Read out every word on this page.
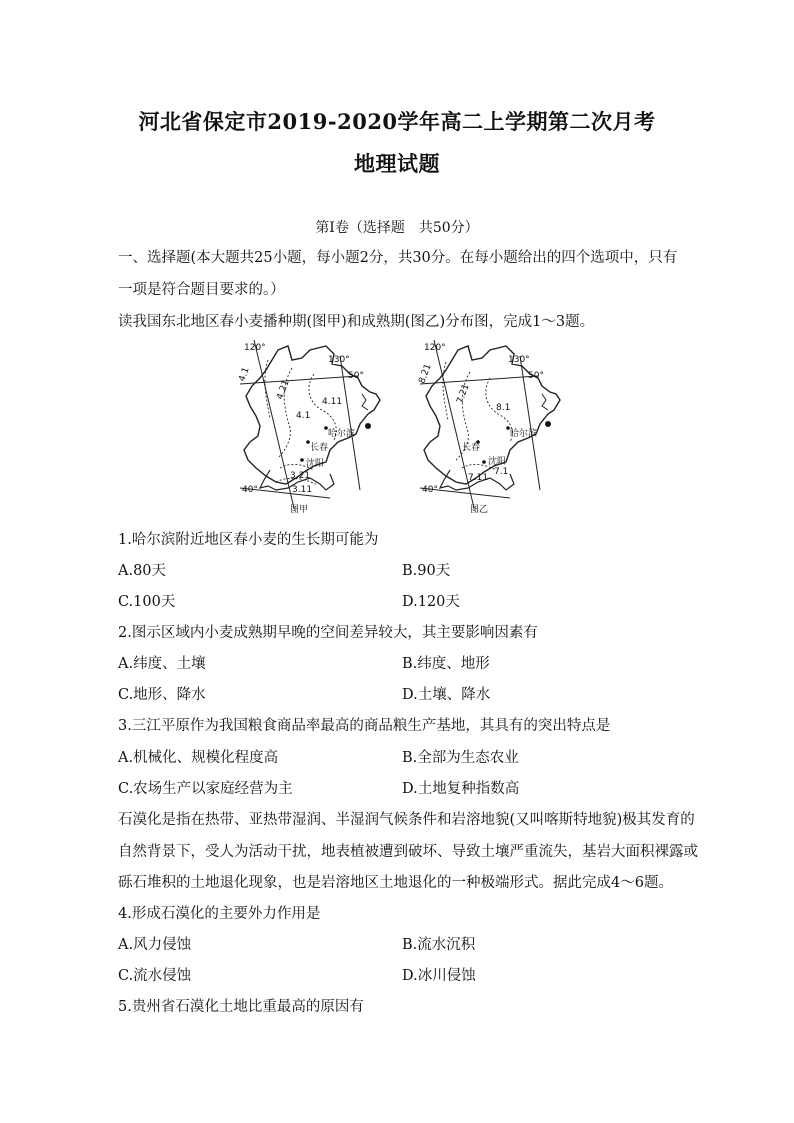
河北省保定市2019-2020学年高二上学期第二次月考
地理试题
第Ⅰ卷（选择题　共50分）
一、选择题(本大题共25小题，每小题2分，共30分。在每小题给出的四个选项中，只有
一项是符合题目要求的。）
读我国东北地区春小麦播种期(图甲)和成熟期(图乙)分布图，完成1～3题。
120°
130°
50°
40°
4.1
4.21
4.11
4.1
3.21
3.11
哈尔滨
长春
沈阳
图甲
120°
130°
50°
40°
8.21
7.21
8.1
7.11
7.1
哈尔滨
长春
沈阳
图乙
1.哈尔滨附近地区春小麦的生长期可能为
A.80天	B.90天
C.100天	D.120天
2.图示区域内小麦成熟期早晚的空间差异较大，其主要影响因素有
A.纬度、土壤	B.纬度、地形
C.地形、降水	D.土壤、降水
3.三江平原作为我国粮食商品率最高的商品粮生产基地，其具有的突出特点是
A.机械化、规模化程度高	B.全部为生态农业
C.农场生产以家庭经营为主	D.土地复种指数高
石漠化是指在热带、亚热带湿润、半湿润气候条件和岩溶地貌(又叫喀斯特地貌)极其发育的
自然背景下，受人为活动干扰，地表植被遭到破坏、导致土壤严重流失，基岩大面积裸露或
砾石堆积的土地退化现象，也是岩溶地区土地退化的一种极端形式。据此完成4～6题。
4.形成石漠化的主要外力作用是
A.风力侵蚀	B.流水沉积
C.流水侵蚀	D.冰川侵蚀
5.贵州省石漠化土地比重最高的原因有
